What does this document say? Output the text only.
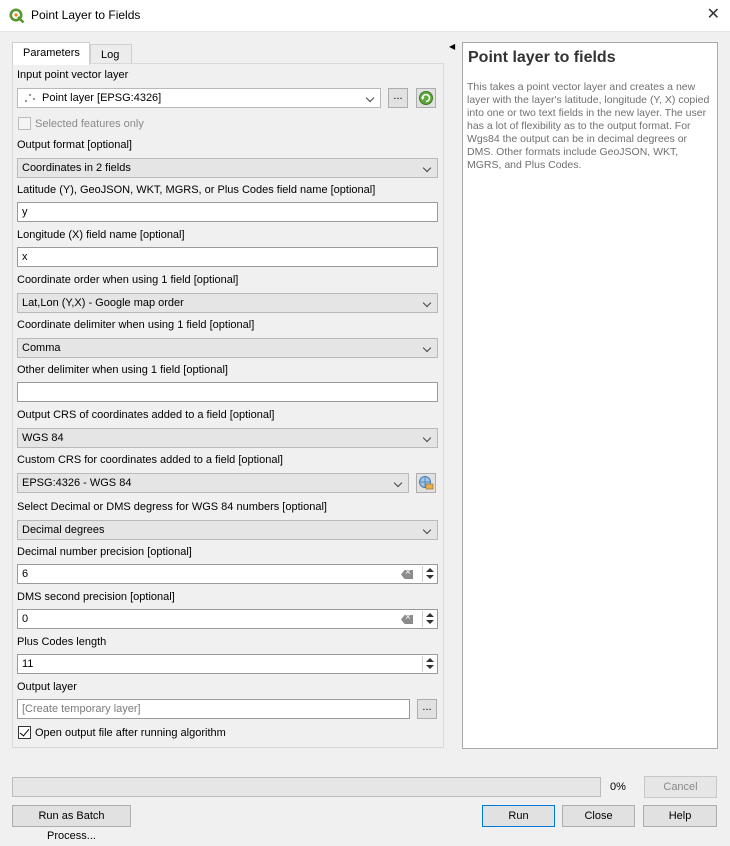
Point Layer to Fields	✕
Parameters	Log
◀
Input point vector layer
Point layer [EPSG:4326]	...
Selected features only
Output format [optional]
Coordinates in 2 fields
Latitude (Y), GeoJSON, WKT, MGRS, or Plus Codes field name [optional]
y
Longitude (X) field name [optional]
x
Coordinate order when using 1 field [optional]
Lat,Lon (Y,X) - Google map order
Coordinate delimiter when using 1 field [optional]
Comma
Other delimiter when using 1 field [optional]
Output CRS of coordinates added to a field [optional]
WGS 84
Custom CRS for coordinates added to a field [optional]
EPSG:4326 - WGS 84
Select Decimal or DMS degress for WGS 84 numbers [optional]
Decimal degrees
Decimal number precision [optional]
6
×
DMS second precision [optional]
0
×
Plus Codes length
11
Output layer
[Create temporary layer]	...
Open output file after running algorithm
Point layer to fields
This takes a point vector layer and creates a new layer with the layer's latitude, longitude (Y, X) copied into one or two text fields in the new layer. The user has a lot of flexibility as to the output format. For Wgs84 the output can be in decimal degrees or DMS. Other formats include GeoJSON, WKT, MGRS, and Plus Codes.
0%	Cancel
Run as Batch Process...
Run	Close	Help
